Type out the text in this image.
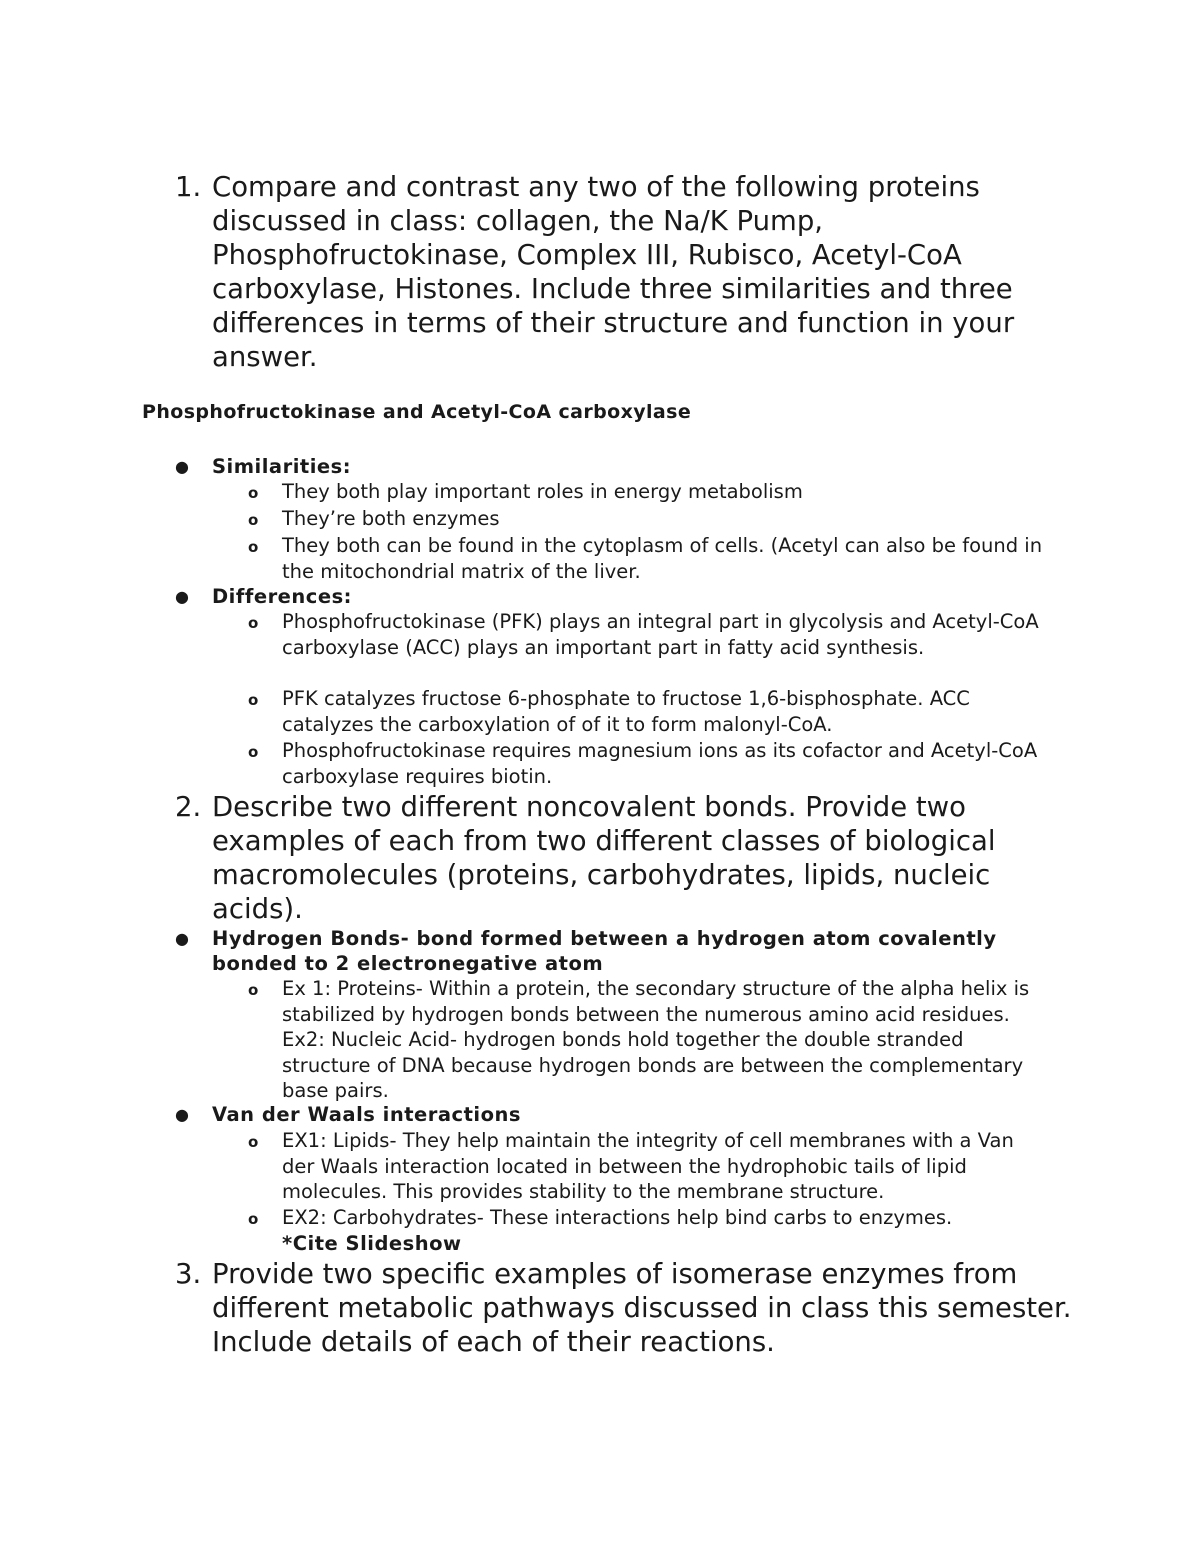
1. Compare and contrast any two of the following proteins discussed in class: collagen, the Na/K Pump, Phosphofructokinase, Complex III, Rubisco, Acetyl-CoA carboxylase, Histones. Include three similarities and three differences in terms of their structure and function in your answer.
Phosphofructokinase and Acetyl-CoA carboxylase
● Similarities:
o They both play important roles in energy metabolism
o They’re both enzymes
o They both can be found in the cytoplasm of cells. (Acetyl can also be found in the mitochondrial matrix of the liver.
● Differences:
o Phosphofructokinase (PFK) plays an integral part in glycolysis and Acetyl-CoA carboxylase (ACC) plays an important part in fatty acid synthesis.
o PFK catalyzes fructose 6-phosphate to fructose 1,6-bisphosphate. ACC catalyzes the carboxylation of of it to form malonyl-CoA.
o Phosphofructokinase requires magnesium ions as its cofactor and Acetyl-CoA carboxylase requires biotin.
2. Describe two different noncovalent bonds. Provide two examples of each from two different classes of biological macromolecules (proteins, carbohydrates, lipids, nucleic acids).
● Hydrogen Bonds- bond formed between a hydrogen atom covalently bonded to 2 electronegative atom
o Ex 1: Proteins- Within a protein, the secondary structure of the alpha helix is stabilized by hydrogen bonds between the numerous amino acid residues. Ex2: Nucleic Acid- hydrogen bonds hold together the double stranded structure of DNA because hydrogen bonds are between the complementary base pairs.
● Van der Waals interactions
o EX1: Lipids- They help maintain the integrity of cell membranes with a Van der Waals interaction located in between the hydrophobic tails of lipid molecules. This provides stability to the membrane structure.
o EX2: Carbohydrates- These interactions help bind carbs to enzymes.
*Cite Slideshow
3. Provide two specific examples of isomerase enzymes from different metabolic pathways discussed in class this semester. Include details of each of their reactions.
